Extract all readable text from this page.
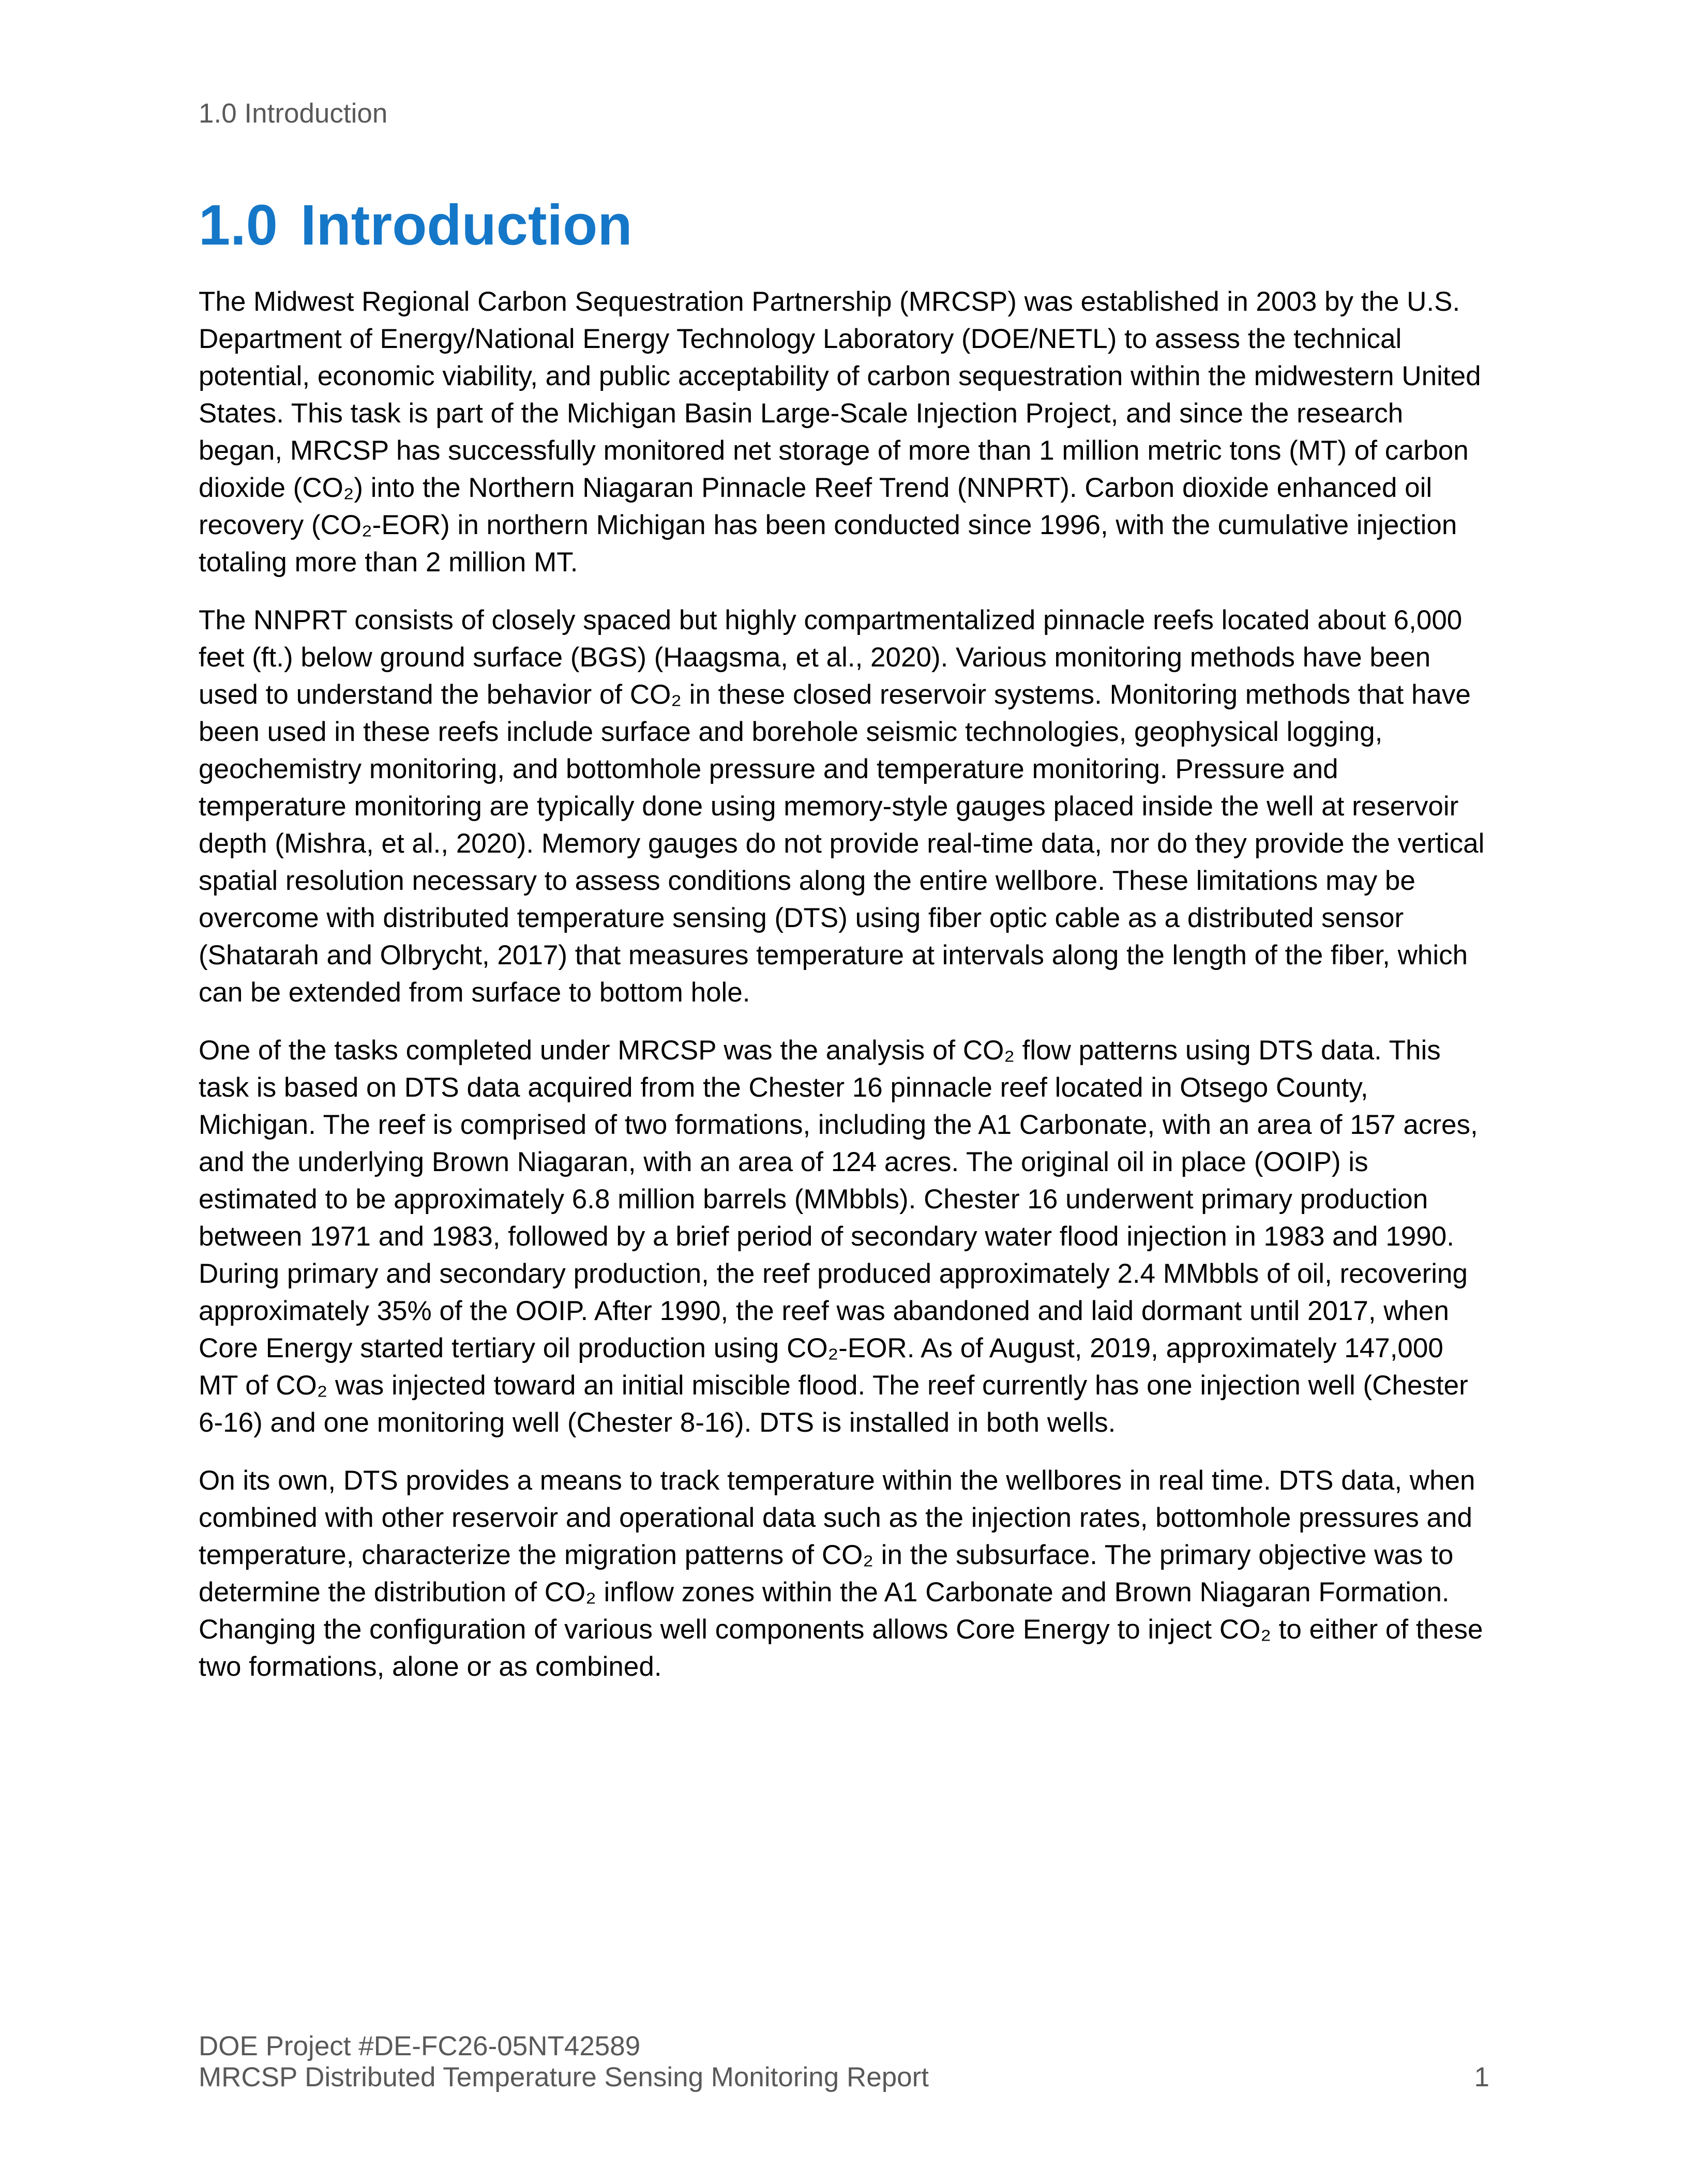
1.0 Introduction
1.0 Introduction

The Midwest Regional Carbon Sequestration Partnership (MRCSP) was established in 2003 by the U.S. Department of Energy/National Energy Technology Laboratory (DOE/NETL) to assess the technical potential, economic viability, and public acceptability of carbon sequestration within the midwestern United States. This task is part of the Michigan Basin Large-Scale Injection Project, and since the research began, MRCSP has successfully monitored net storage of more than 1 million metric tons (MT) of carbon dioxide (CO₂) into the Northern Niagaran Pinnacle Reef Trend (NNPRT). Carbon dioxide enhanced oil recovery (CO₂-EOR) in northern Michigan has been conducted since 1996, with the cumulative injection totaling more than 2 million MT.

The NNPRT consists of closely spaced but highly compartmentalized pinnacle reefs located about 6,000 feet (ft.) below ground surface (BGS) (Haagsma, et al., 2020). Various monitoring methods have been used to understand the behavior of CO₂ in these closed reservoir systems. Monitoring methods that have been used in these reefs include surface and borehole seismic technologies, geophysical logging, geochemistry monitoring, and bottomhole pressure and temperature monitoring. Pressure and temperature monitoring are typically done using memory-style gauges placed inside the well at reservoir depth (Mishra, et al., 2020). Memory gauges do not provide real-time data, nor do they provide the vertical spatial resolution necessary to assess conditions along the entire wellbore. These limitations may be overcome with distributed temperature sensing (DTS) using fiber optic cable as a distributed sensor (Shatarah and Olbrycht, 2017) that measures temperature at intervals along the length of the fiber, which can be extended from surface to bottom hole.

One of the tasks completed under MRCSP was the analysis of CO₂ flow patterns using DTS data. This task is based on DTS data acquired from the Chester 16 pinnacle reef located in Otsego County, Michigan. The reef is comprised of two formations, including the A1 Carbonate, with an area of 157 acres, and the underlying Brown Niagaran, with an area of 124 acres. The original oil in place (OOIP) is estimated to be approximately 6.8 million barrels (MMbbls). Chester 16 underwent primary production between 1971 and 1983, followed by a brief period of secondary water flood injection in 1983 and 1990. During primary and secondary production, the reef produced approximately 2.4 MMbbls of oil, recovering approximately 35% of the OOIP. After 1990, the reef was abandoned and laid dormant until 2017, when Core Energy started tertiary oil production using CO₂-EOR. As of August, 2019, approximately 147,000 MT of CO₂ was injected toward an initial miscible flood. The reef currently has one injection well (Chester 6-16) and one monitoring well (Chester 8-16). DTS is installed in both wells.

On its own, DTS provides a means to track temperature within the wellbores in real time. DTS data, when combined with other reservoir and operational data such as the injection rates, bottomhole pressures and temperature, characterize the migration patterns of CO₂ in the subsurface. The primary objective was to determine the distribution of CO₂ inflow zones within the A1 Carbonate and Brown Niagaran Formation. Changing the configuration of various well components allows Core Energy to inject CO₂ to either of these two formations, alone or as combined.

DOE Project #DE-FC26-05NT42589
MRCSP Distributed Temperature Sensing Monitoring Report	1
